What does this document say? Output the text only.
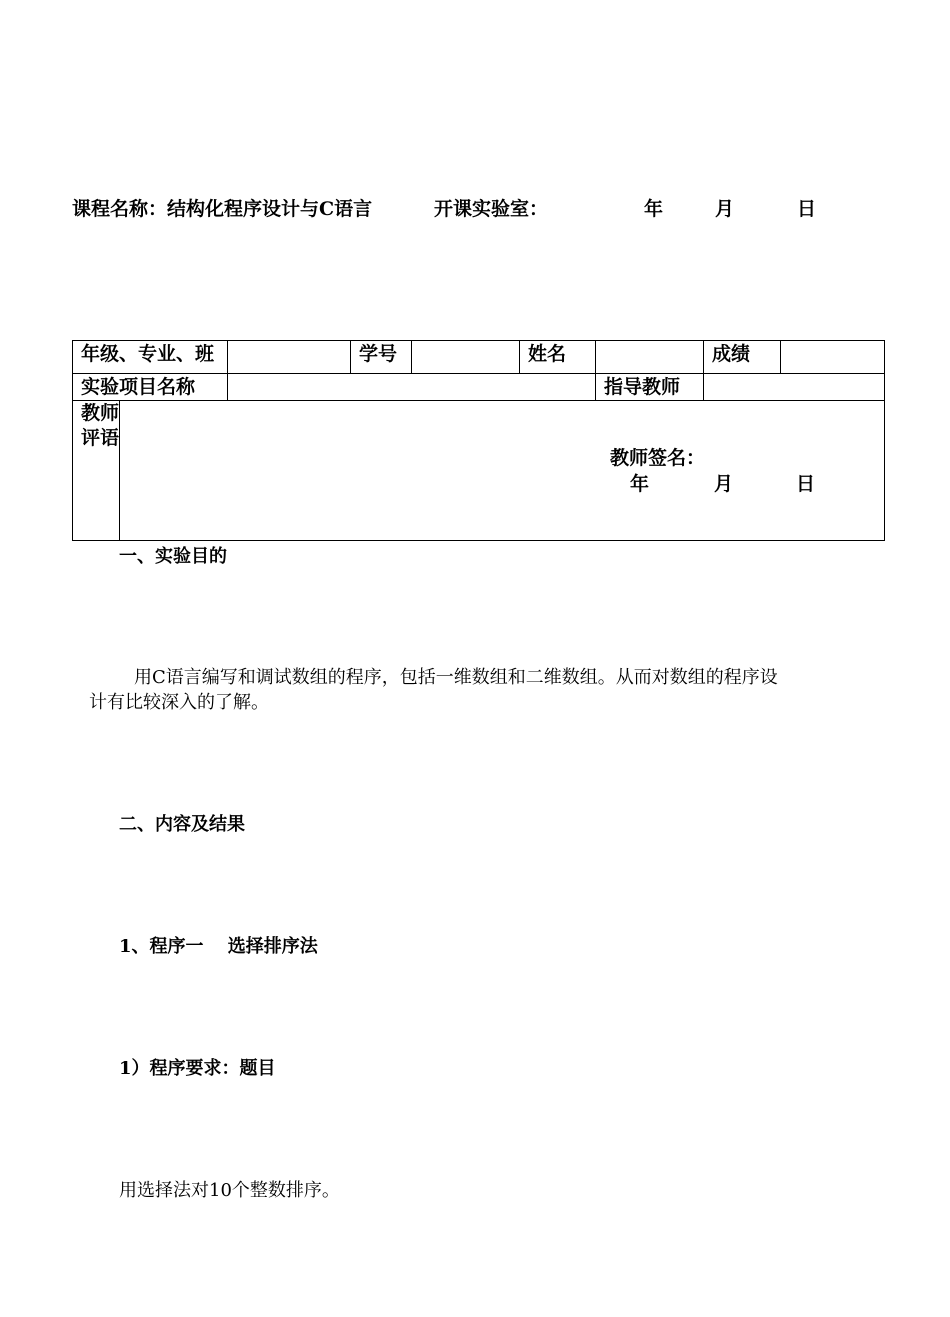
课程名称：结构化程序设计与C语言	开课实验室：	年	月	日
年级、专业、班			学号		姓名		成绩	
实验项目名称						指导教师		
教师评语	教师签名：
年 月 日							
一、实验目的
用C语言编写和调试数组的程序，包括一维数组和二维数组。从而对数组的程序设
计有比较深入的了解。
二、内容及结果
1、程序一　 选择排序法
1）程序要求：题目
用选择法对10个整数排序。
